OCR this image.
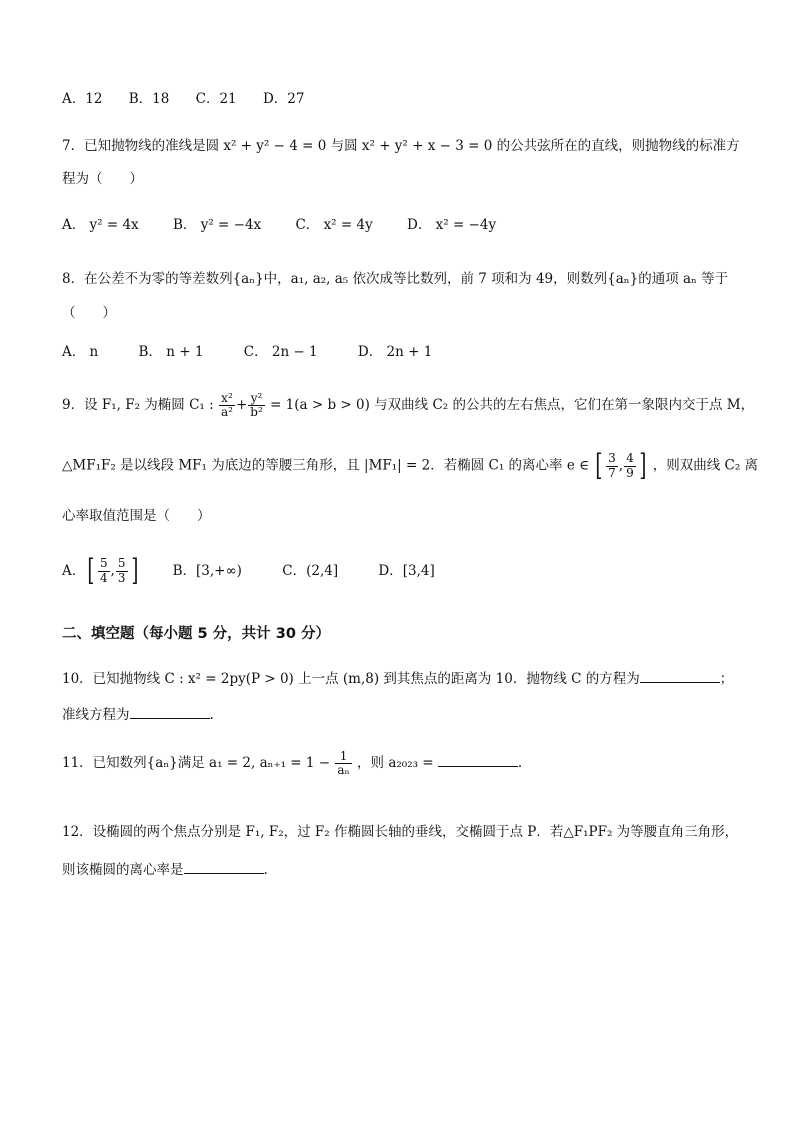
A．12 B．18 C．21 D．27
7．已知抛物线的准线是圆 x² + y² − 4 = 0 与圆 x² + y² + x − 3 = 0 的公共弦所在的直线，则抛物线的标准方
程为（　　）
A． y² = 4x	B． y² = −4x	C． x² = 4y	D． x² = −4y
8．在公差不为零的等差数列{aₙ}中，a₁, a₂, a₅ 依次成等比数列，前 7 项和为 49，则数列{aₙ}的通项 aₙ 等于
（　　）
A． n	B． n + 1	C． 2n − 1	D． 2n + 1
9．设 F₁, F₂ 为椭圆 C₁ : $\frac{\text{x²}}{\text{a²}} + \frac{\text{y²}}{\text{b²}} = 1(a > b > 0)$ 与双曲线 C₂ 的公共的左右焦点，它们在第一象限内交于点 M，
△MF₁F₂ 是以线段 MF₁ 为底边的等腰三角形，且 |MF₁| = 2．若椭圆 C₁ 的离心率 e ∈ [ $\frac{3}{7}$ , $\frac{4}{9}$ ] ，则双曲线 C₂ 离
心率取值范围是（　　）
A．[ $\frac{5}{4}$ , $\frac{5}{3}$ ]	B．[3,+∞)	C．(2,4]	D．[3,4]
二、填空题（每小题 5 分，共计 30 分）
10．已知抛物线 C : x² = 2py(P > 0) 上一点 (m,8) 到其焦点的距离为 10．抛物线 C 的方程为	；
准线方程为	.
11．已知数列{aₙ}满足 a₁ = 2, $a_{n+1} = 1 - \frac{1}{\text{aₙ}}$ ，则 a₂₀₂₃ =	.
12．设椭圆的两个焦点分别是 F₁, F₂，过 F₂ 作椭圆长轴的垂线，交椭圆于点 P．若△F₁PF₂ 为等腰直角三角形，
则该椭圆的离心率是	.
